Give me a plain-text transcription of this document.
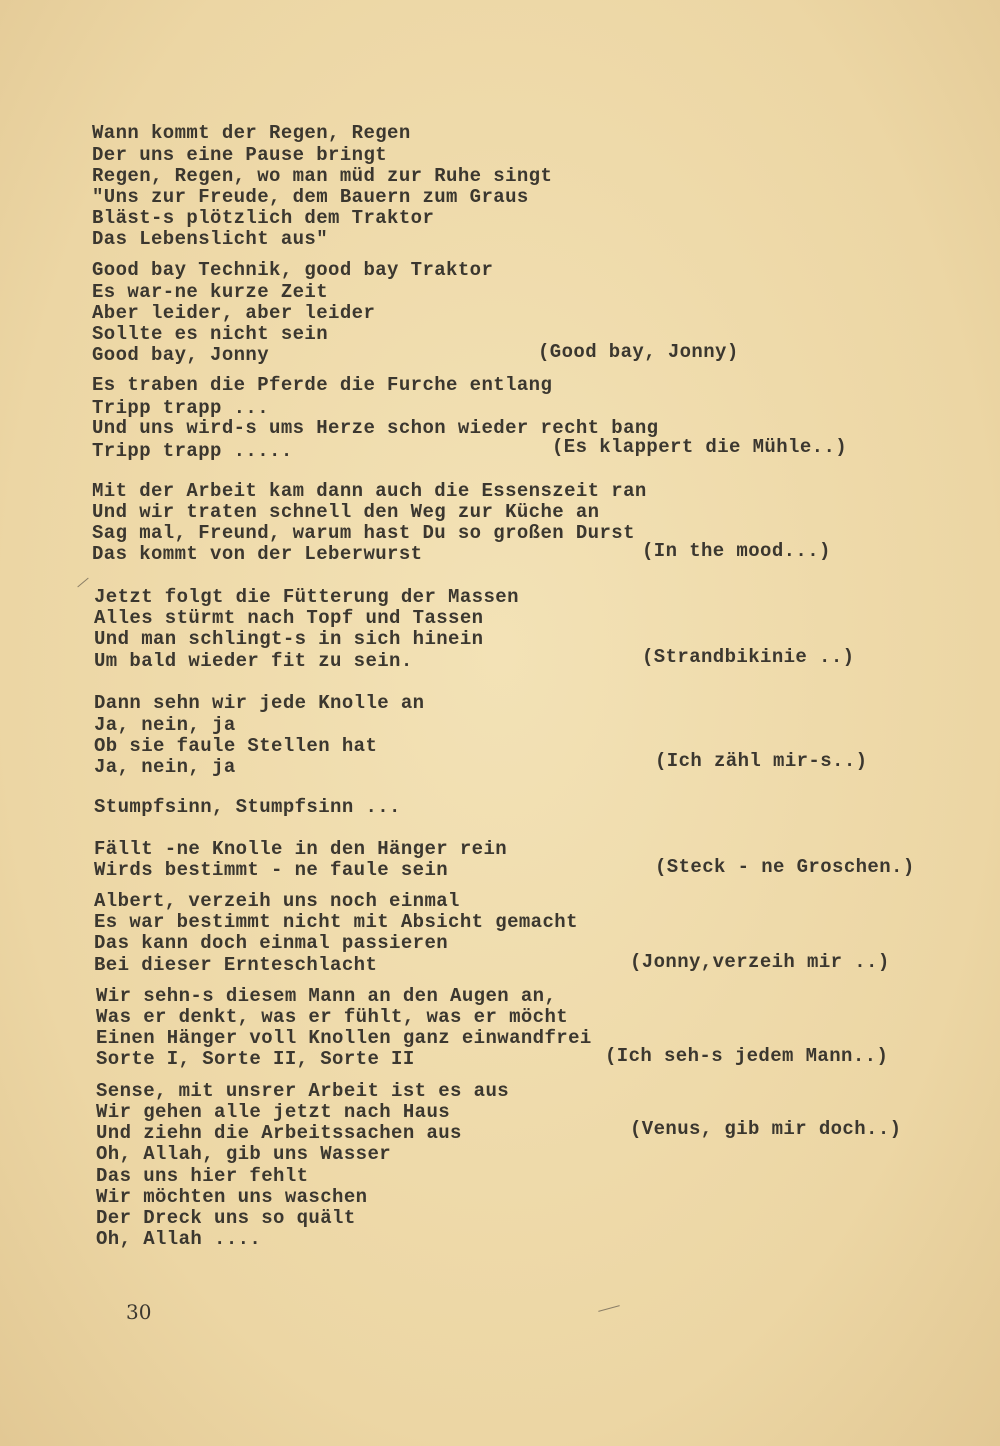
Wann kommt der Regen, Regen
Der uns eine Pause bringt
Regen, Regen, wo man müd zur Ruhe singt
"Uns zur Freude, dem Bauern zum Graus
Bläst-s plötzlich dem Traktor
Das Lebenslicht aus"
Good bay Technik, good bay Traktor
Es war-ne kurze Zeit
Aber leider, aber leider
Sollte es nicht sein
Good bay, Jonny	(Good bay, Jonny)
Es traben die Pferde die Furche entlang
Tripp trapp ...
Und uns wird-s ums Herze schon wieder recht bang
Tripp trapp .....	(Es klappert die Mühle..)
Mit der Arbeit kam dann auch die Essenszeit ran
Und wir traten schnell den Weg zur Küche an
Sag mal, Freund, warum hast Du so großen Durst
Das kommt von der Leberwurst	(In the mood...)
Jetzt folgt die Fütterung der Massen
Alles stürmt nach Topf und Tassen
Und man schlingt-s in sich hinein
Um bald wieder fit zu sein.	(Strandbikinie ..)
Dann sehn wir jede Knolle an
Ja, nein, ja
Ob sie faule Stellen hat
Ja, nein, ja	(Ich zähl mir-s..)
Stumpfsinn, Stumpfsinn ...
Fällt -ne Knolle in den Hänger rein
Wirds bestimmt - ne faule sein	(Steck - ne Groschen.)
Albert, verzeih uns noch einmal
Es war bestimmt nicht mit Absicht gemacht
Das kann doch einmal passieren
Bei dieser Ernteschlacht	(Jonny,verzeih mir ..)
Wir sehn-s diesem Mann an den Augen an,
Was er denkt, was er fühlt, was er möcht
Einen Hänger voll Knollen ganz einwandfrei
Sorte I, Sorte II, Sorte II	(Ich seh-s jedem Mann..)
Sense, mit unsrer Arbeit ist es aus
Wir gehen alle jetzt nach Haus
Und ziehn die Arbeitssachen aus	(Venus, gib mir doch..)
Oh, Allah, gib uns Wasser
Das uns hier fehlt
Wir möchten uns waschen
Der Dreck uns so quält
Oh, Allah ....
30
